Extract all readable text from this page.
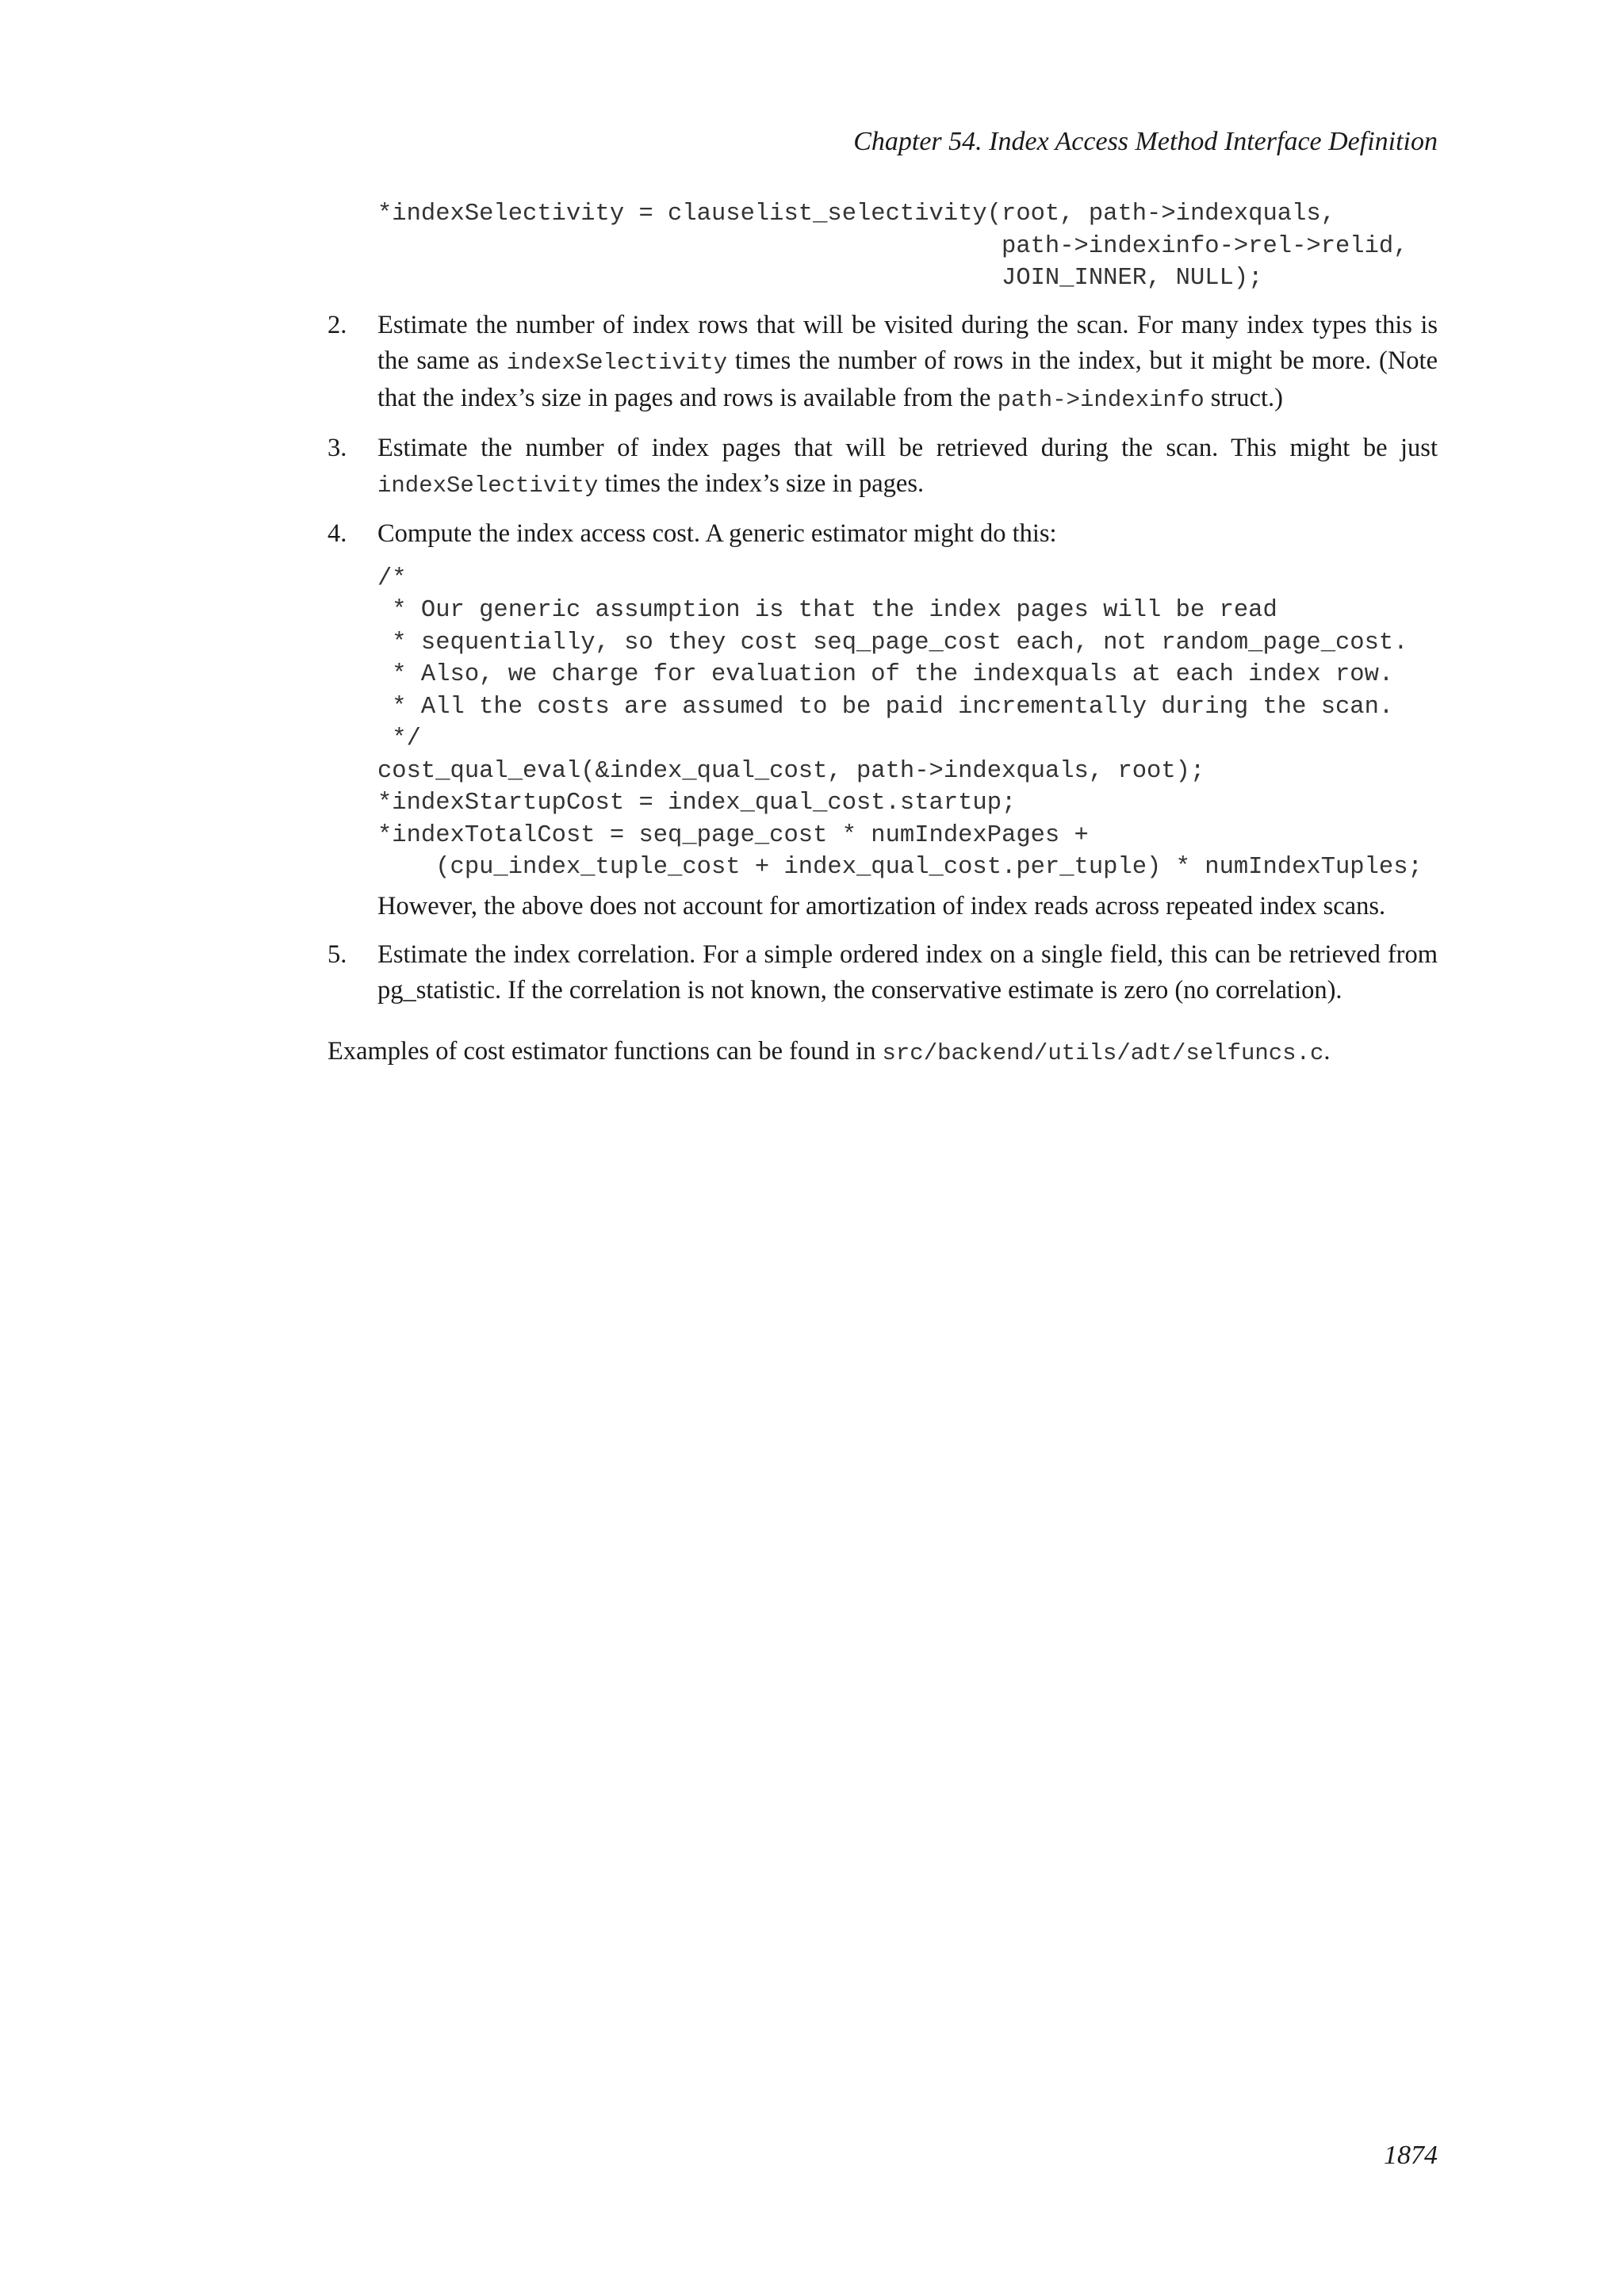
Chapter 54. Index Access Method Interface Definition
*indexSelectivity = clauselist_selectivity(root, path->indexquals,
path->indexinfo->rel->relid,
JOIN_INNER, NULL);
2. Estimate the number of index rows that will be visited during the scan. For many index types this is the same as indexSelectivity times the number of rows in the index, but it might be more. (Note that the index’s size in pages and rows is available from the path->indexinfo struct.)
3. Estimate the number of index pages that will be retrieved during the scan. This might be just indexSelectivity times the index’s size in pages.
4. Compute the index access cost. A generic estimator might do this:
/*
* Our generic assumption is that the index pages will be read
* sequentially, so they cost seq_page_cost each, not random_page_cost.
* Also, we charge for evaluation of the indexquals at each index row.
* All the costs are assumed to be paid incrementally during the scan.
*/
cost_qual_eval(&index_qual_cost, path->indexquals, root);
*indexStartupCost = index_qual_cost.startup;
*indexTotalCost = seq_page_cost * numIndexPages +
(cpu_index_tuple_cost + index_qual_cost.per_tuple) * numIndexTuples;
However, the above does not account for amortization of index reads across repeated index scans.
5. Estimate the index correlation. For a simple ordered index on a single field, this can be retrieved from pg_statistic. If the correlation is not known, the conservative estimate is zero (no correlation).

Examples of cost estimator functions can be found in src/backend/utils/adt/selfuncs.c.

1874
